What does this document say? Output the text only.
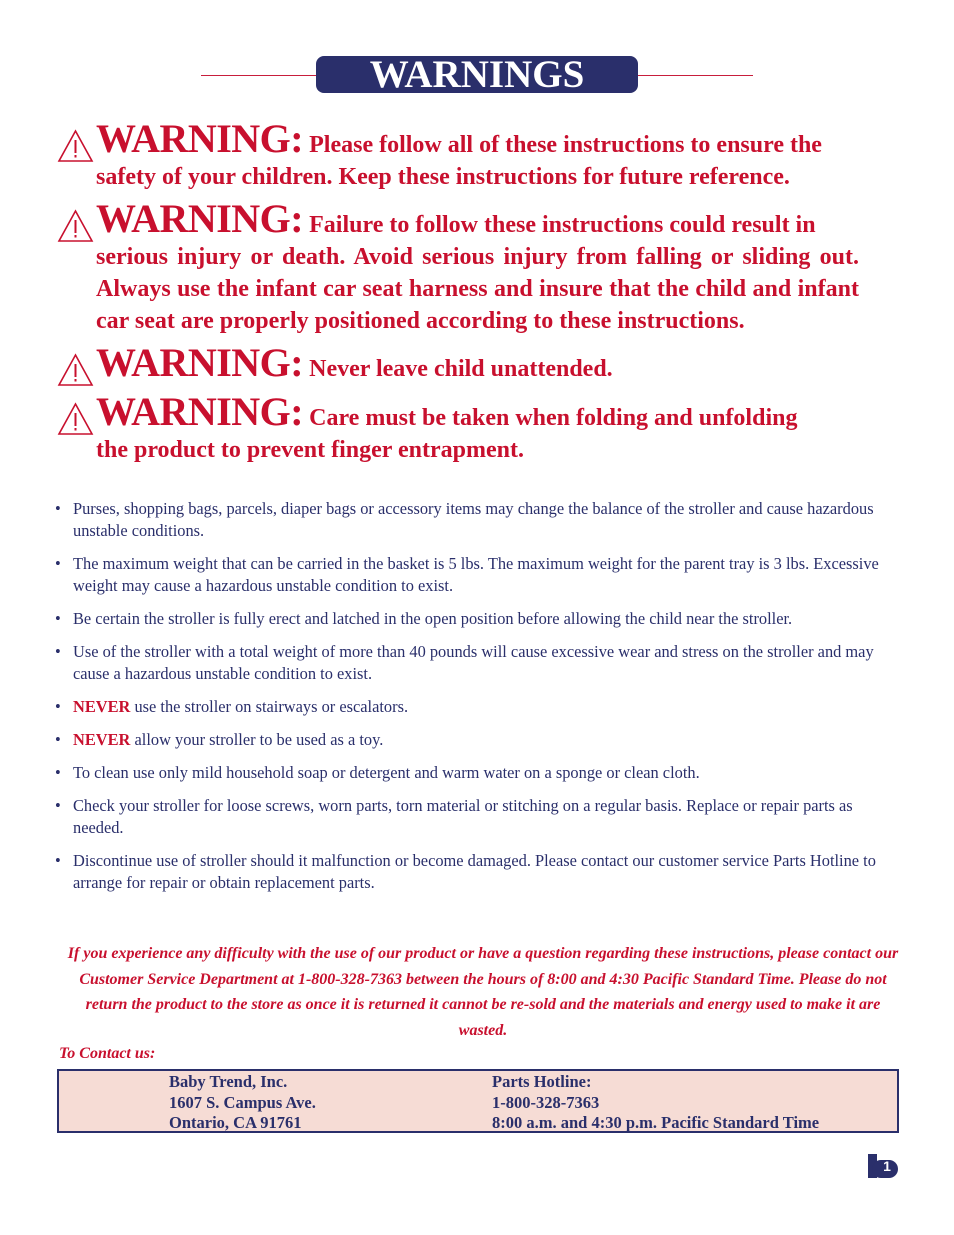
WARNINGS
WARNING: Please follow all of these instructions to ensure the
safety of your children. Keep these instructions for future reference.
WARNING: Failure to follow these instructions could result in
serious injury or death. Avoid serious injury from falling or sliding out. Always use the infant car seat harness and insure that the child and infant car seat are properly positioned according to these instructions.
WARNING: Never leave child unattended.
WARNING: Care must be taken when folding and unfolding
the product to prevent finger entrapment.
• Purses, shopping bags, parcels, diaper bags or accessory items may change the balance of the stroller and cause hazardous unstable conditions.
• The maximum weight that can be carried in the basket is 5 lbs. The maximum weight for the parent tray is 3 lbs. Excessive weight may cause a hazardous unstable condition to exist.
• Be certain the stroller is fully erect and latched in the open position before allowing the child near the stroller.
• Use of the stroller with a total weight of more than 40 pounds will cause excessive wear and stress on the stroller and may cause a hazardous unstable condition to exist.
• NEVER use the stroller on stairways or escalators.
• NEVER allow your stroller to be used as a toy.
• To clean use only mild household soap or detergent and warm water on a sponge or clean cloth.
• Check your stroller for loose screws, worn parts, torn material or stitching on a regular basis. Replace or repair parts as needed.
• Discontinue use of stroller should it malfunction or become damaged. Please contact our customer service Parts Hotline to arrange for repair or obtain replacement parts.
If you experience any difficulty with the use of our product or have a question regarding these instructions, please contact our Customer Service Department at 1-800-328-7363 between the hours of 8:00 and 4:30 Pacific Standard Time. Please do not return the product to the store as once it is returned it cannot be re-sold and the materials and energy used to make it are wasted.
To Contact us:
Baby Trend, Inc.
1607 S. Campus Ave.
Ontario, CA 91761
Parts Hotline:
1-800-328-7363
8:00 a.m. and 4:30 p.m. Pacific Standard Time
1
